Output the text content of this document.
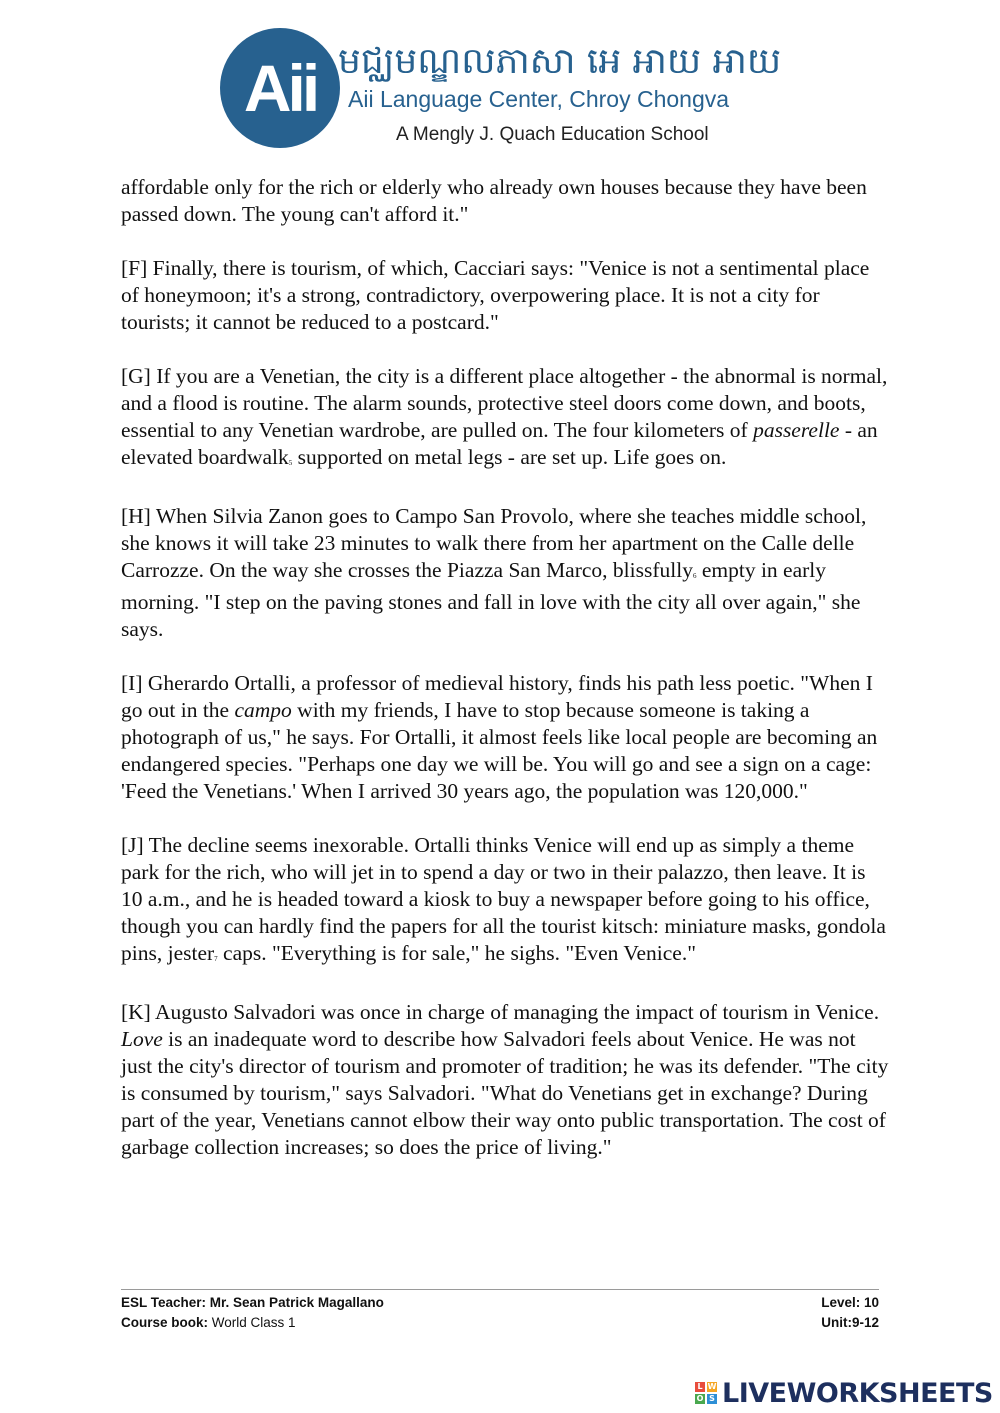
Aii មជ្ឈមណ្ឌលភាសា អេ អាយ អាយ
Aii Language Center, Chroy Chongva
A Mengly J. Quach Education School

affordable only for the rich or elderly who already own houses because they have been passed down. The young can't afford it."

[F] Finally, there is tourism, of which, Cacciari says: "Venice is not a sentimental place of honeymoon; it's a strong, contradictory, overpowering place. It is not a city for tourists; it cannot be reduced to a postcard."

[G] If you are a Venetian, the city is a different place altogether - the abnormal is normal, and a flood is routine. The alarm sounds, protective steel doors come down, and boots, essential to any Venetian wardrobe, are pulled on. The four kilometers of passerelle - an elevated boardwalk5 supported on metal legs - are set up. Life goes on.

[H] When Silvia Zanon goes to Campo San Provolo, where she teaches middle school, she knows it will take 23 minutes to walk there from her apartment on the Calle delle Carrozze. On the way she crosses the Piazza San Marco, blissfully6 empty in early morning. "I step on the paving stones and fall in love with the city all over again," she says.

[I] Gherardo Ortalli, a professor of medieval history, finds his path less poetic. "When I go out in the campo with my friends, I have to stop because someone is taking a photograph of us," he says. For Ortalli, it almost feels like local people are becoming an endangered species. "Perhaps one day we will be. You will go and see a sign on a cage: 'Feed the Venetians.' When I arrived 30 years ago, the population was 120,000."

[J] The decline seems inexorable. Ortalli thinks Venice will end up as simply a theme park for the rich, who will jet in to spend a day or two in their palazzo, then leave. It is 10 a.m., and he is headed toward a kiosk to buy a newspaper before going to his office, though you can hardly find the papers for all the tourist kitsch: miniature masks, gondola pins, jester7 caps. "Everything is for sale," he sighs. "Even Venice."

[K] Augusto Salvadori was once in charge of managing the impact of tourism in Venice. Love is an inadequate word to describe how Salvadori feels about Venice. He was not just the city's director of tourism and promoter of tradition; he was its defender. "The city is consumed by tourism," says Salvadori. "What do Venetians get in exchange? During part of the year, Venetians cannot elbow their way onto public transportation. The cost of garbage collection increases; so does the price of living."

ESL Teacher: Mr. Sean Patrick Magallano	Level: 10
Course book: World Class 1	Unit:9-12
L W
O S LIVEWORKSHEETS
